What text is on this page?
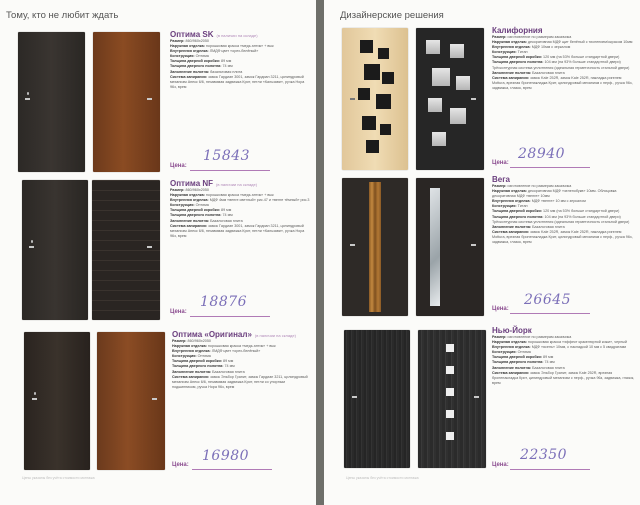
Тому, кто не любит ждать
Оптима SK (в наличии на складе)
Размер: 860/960х2050
Наружная отделка: порошковая краска «медь антик» + вык
Внутренняя отделка: ЛМДФ цвет «орех-белёный»
Конструкция: Оптима
Толщина дверной коробки: 89 мм
Толщина дверного полотна: 74 мм
Заполнение полотна: базальтовая плита
Система запирания: замок Гардиан 3001, замок Гардиан 3211, цилиндровый механизм Апекс 6/6, незавимая задвижка Крит, петли «Кальзави», ручка Нора 96з, врем
Цена:
15843
Оптима NF (в наличии на складе)
Размер: 860/960х2050
Наружная отделка: порошковая краска «медь антик» + вык
Внутренняя отделка: МДФ 4мм «венге светлый» рис.47 и «венге тёмный» рис.3
Конструкция: Оптима
Толщина дверной коробки: 89 мм
Толщина дверного полотна: 74 мм
Заполнение полотна: Базальтовая плита
Система запирания: замок Гардиан 3001, замок Гардиан 3211, цилиндровый механизм Апекс 6/6, незавимая задвижка Крит, петли «Кальзави», ручка Нора 96з, врем
Цена:
18876
Оптима «Оригинал» (в наличии на складе)
Размер: 860/960х2050
Наружная отделка: порошковая краска «медь антик» + вык
Внутренняя отделка: ЛМДФ цвет «орех-белёный»
Конструкция: Оптима
Толщина дверной коробки: 89 мм
Толщина дверного полотна: 74 мм
Заполнение полотна: Базальтовая плита
Система запирания: замок Эльбор Гранит, замок Гардиан 3211, цилиндровый механизм Апекс 6/6, незавимая задвижка Крит, петли со упорным подшипником, ручка Нора 96з, врем
Цена:
16980
Цены указаны без учёта стоимости монтажа
Дизайнерские решения
Калифорния
Размер: изготовление по размерам заказчика
Наружная отделка: декоративная МДФ щит белёный с тиснением/окрасом 10мм
Внутренняя отделка: МДФ 10мм с зеркалом
Конструкция: Титан
Толщина дверной коробки: 120 мм (на 53% больше стандартной двери)
Толщина дверного полотна: 104 мм (на 93% больше стандартной двери)
Трёхконтурная система уплотнения (идеальная герметичность стальной двери)
Заполнение полотна: Базальтовая плита
Система запирания: замок Kale 252R, замок Kale 252R, накладка ригелем Mottura, врезная броненакладка Крит, цилиндровый механизм с перф., ручка 96з, задвижка, глазок, врем
Цена:
28940
Вега
Размер: изготовление по размерам заказчика
Наружная отделка: декоративная МДФ «зеленобукв» 10мм. Облицовка декоративная МДФ «венге» 10мм
Внутренняя отделка: МДФ «венге» 10 мм с зеркалом
Конструкция: Титан
Толщина дверной коробки: 120 мм (на 53% больше стандартной двери)
Толщина дверного полотна: 104 мм (на 93% больше стандартной двери)
Трёхконтурная система уплотнения (идеальная герметичность стальной двери)
Заполнение полотна: Базальтовая плита
Система запирания: замок Kale 252R, замок Kale 252R, накладка ригелем Mottura, врезная броненакладка Крит, цилиндровый механизм с перф., ручка 96з, задвижка, глазок, врем
Цена:
26645
Нью-Йорк
Размер: изготовление по размерам заказчика
Наружная отделка: порошковая краска «эффект кракелюрной кожи», черный
Внутренняя отделка: МДФ «ясень» 10мм, с накладкой 10 мм с 5 квадратами
Конструкция: Оптима
Толщина дверной коробки: 89 мм
Толщина дверного полотна: 74 мм
Заполнение полотна: Базальтовая плита
Система запирания: замок Эльбор Гранит, замок Kale 252R, врезная броненакладка Крит, цилиндровый механизм с перф., ручка 96з, задвижка, глазок, врем
Цена:
22350
Цены указаны без учёта стоимости монтажа
